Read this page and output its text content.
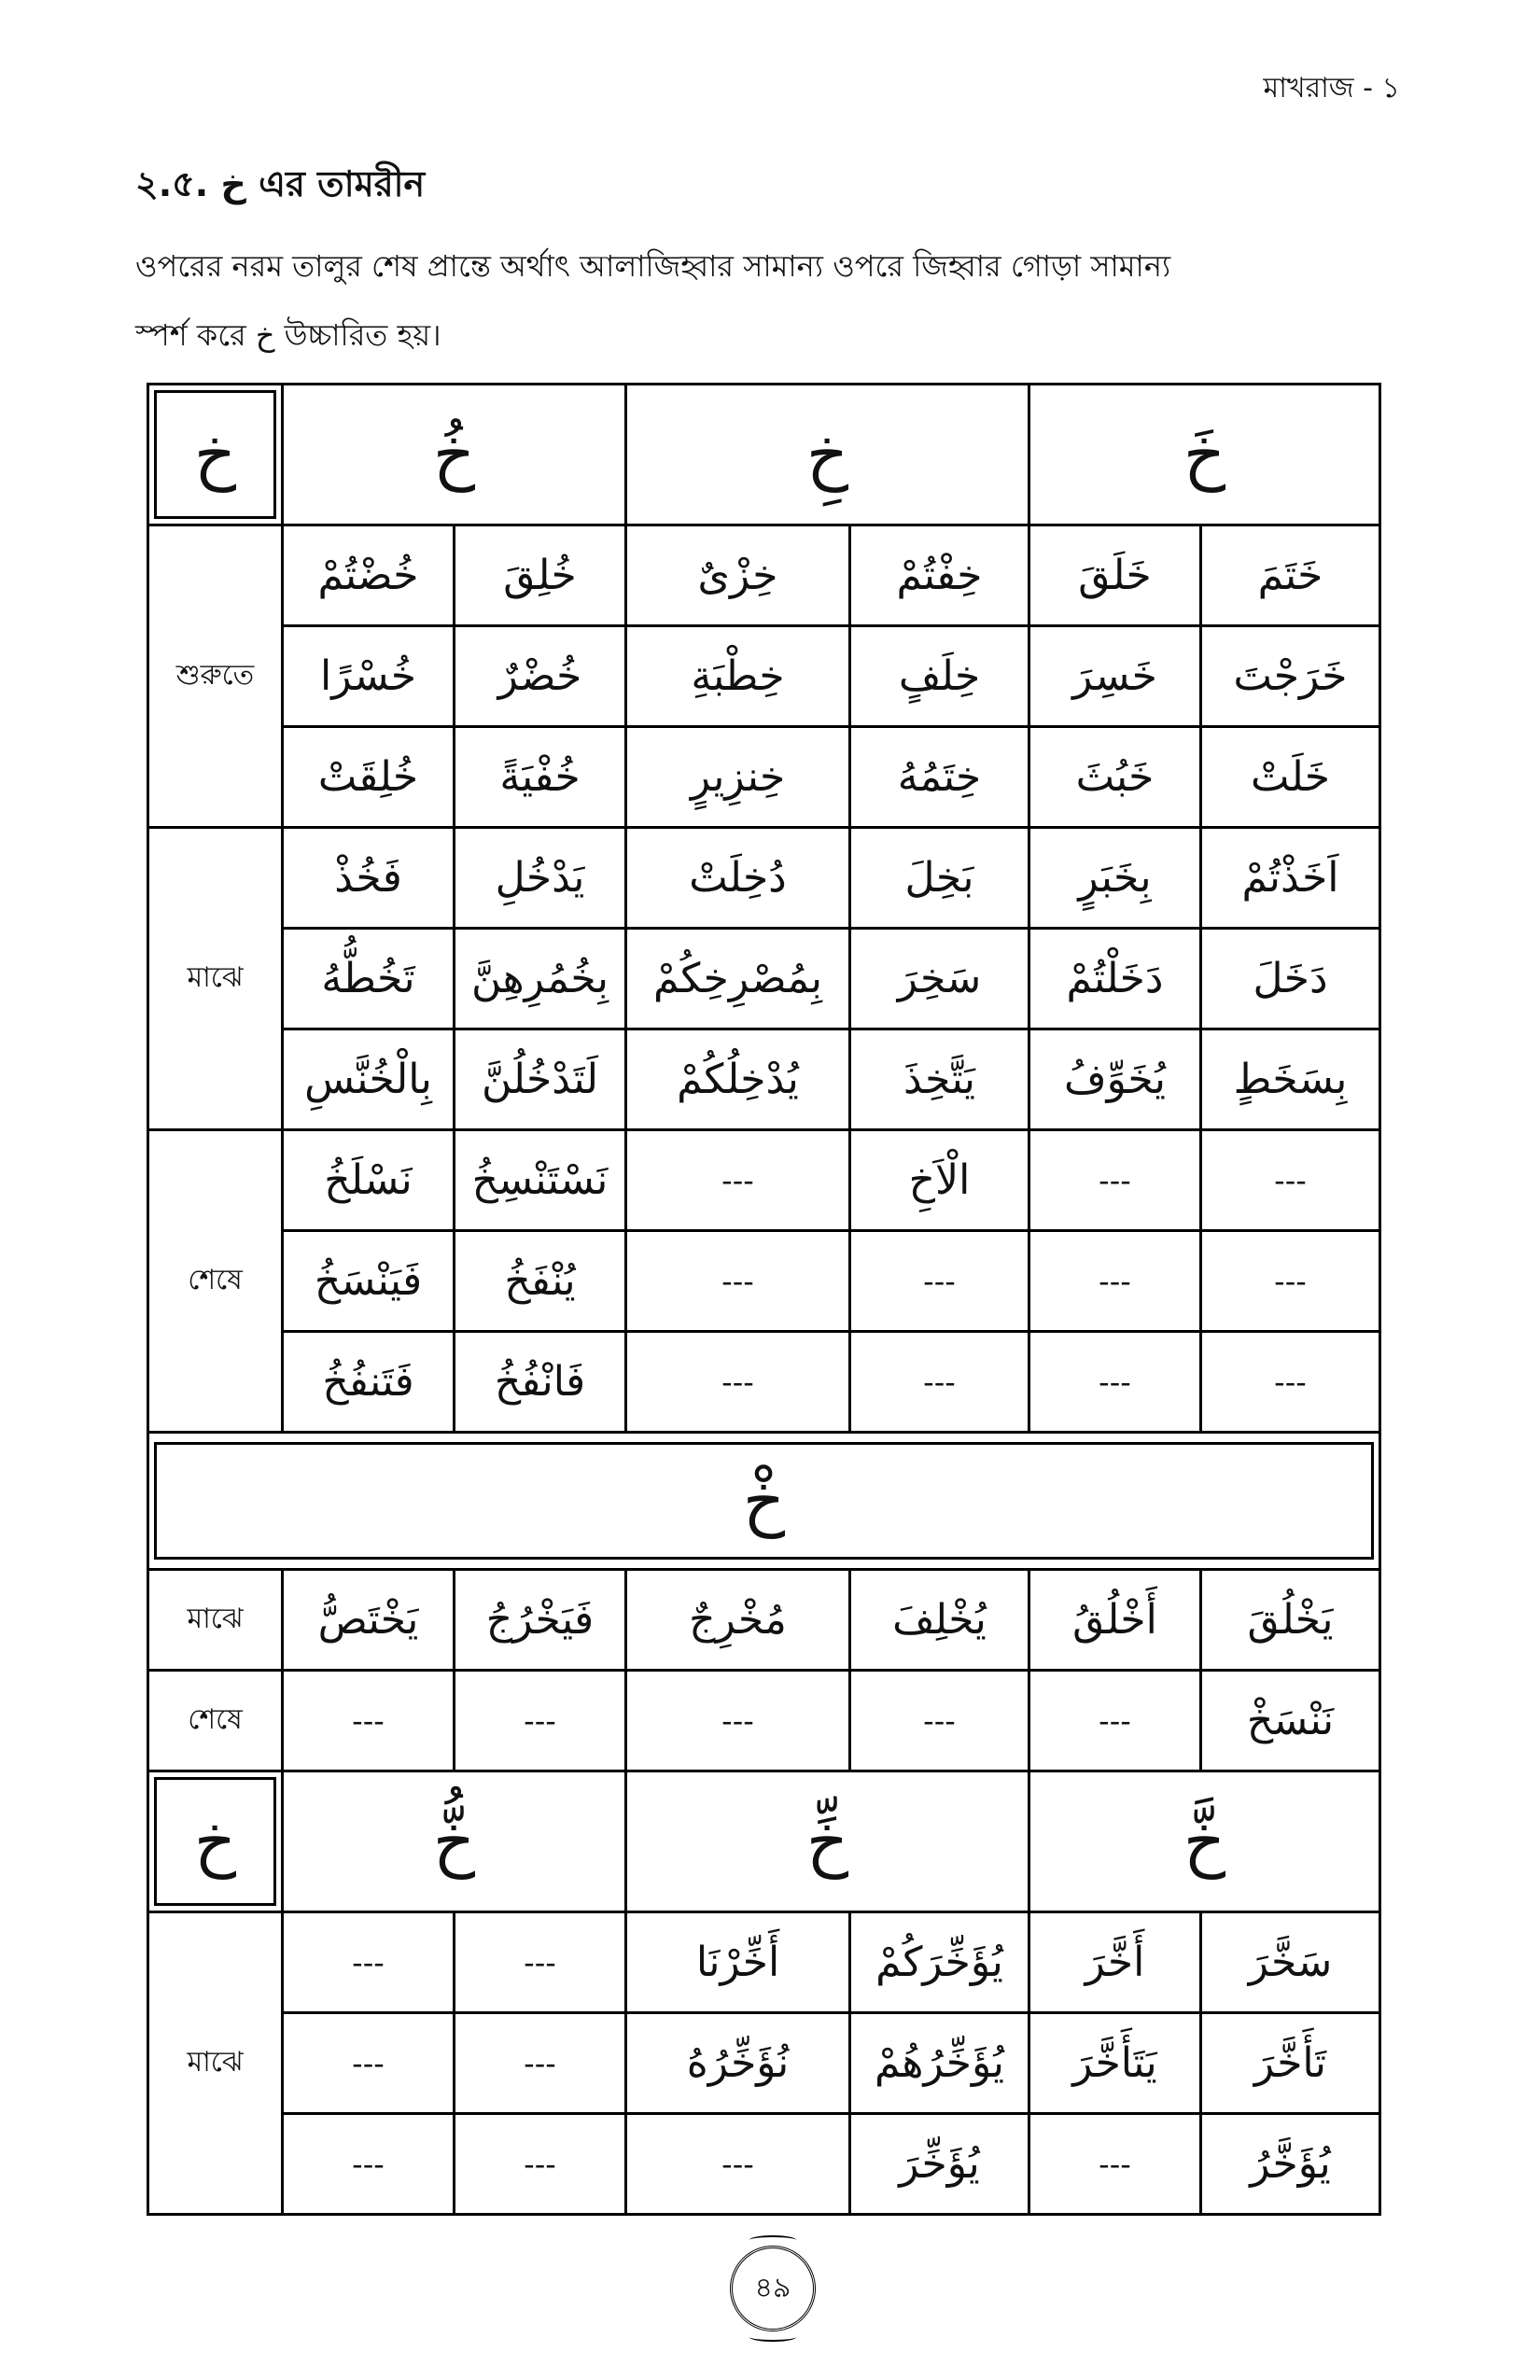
মাখরাজ - ১
২.৫. خ এর তামরীন
ওপরের নরম তালুর শেষ প্রান্তে অর্থাৎ আলাজিহ্বার সামান্য ওপরে জিহ্বার গোড়া সামান্য
স্পর্শ করে خ উচ্চারিত হয়।
خ	خُ		خِ		خَ	
শুরুতে	خُضْتُمْ	خُلِقَ	خِزْىٌ	خِفْتُمْ	خَلَقَ	خَتَمَ
	خُسْرًا	خُضْرٌ	خِطْبَةِ	خِلَفٍ	خَسِرَ	خَرَجْتَ
	خُلِقَتْ	خُفْيَةً	خِنزِيرٍ	خِتَمُهُ	خَبُثَ	خَلَتْ
মাঝে	فَخُذْ	يَدْخُلِ	دُخِلَتْ	بَخِلَ	بِخَبَرٍ	اَخَذْتُمْ
	تَخُطُّهُ	بِخُمُرِهِنَّ	بِمُصْرِخِكُمْ	سَخِرَ	دَخَلْتُمْ	دَخَلَ
	بِالْخُنَّسِ	لَتَدْخُلُنَّ	يُدْخِلُكُمْ	يَتَّخِذَ	يُخَوِّفُ	بِسَخَطٍ
শেষে	نَسْلَخُ	نَسْتَنْسِخُ	---	الْاَخِ	---	---
	فَيَنْسَخُ	يُنْفَخُ	---	---	---	---
	فَتَنفُخُ	فَانْفُخُ	---	---	---	---

خْ						

মাঝে	يَخْتَصُّ	فَيَخْرُجُ	مُخْرِجٌ	يُخْلِفَ	أَخْلُقُ	يَخْلُقَ
শেষে	---	---	---	---	---	نَنْسَخْ

خ	خُّ		خِّ		خَّ	
মাঝে	---	---	أَخِّرْنَا	يُؤَخِّرَكُمْ	أَخَّرَ	سَخَّرَ
	---	---	نُؤَخِّرُهُ	يُؤَخِّرُهُمْ	يَتَأَخَّرَ	تَأَخَّرَ
	---	---	---	يُؤَخِّرَ	---	يُؤَخَّرُ
৪৯
